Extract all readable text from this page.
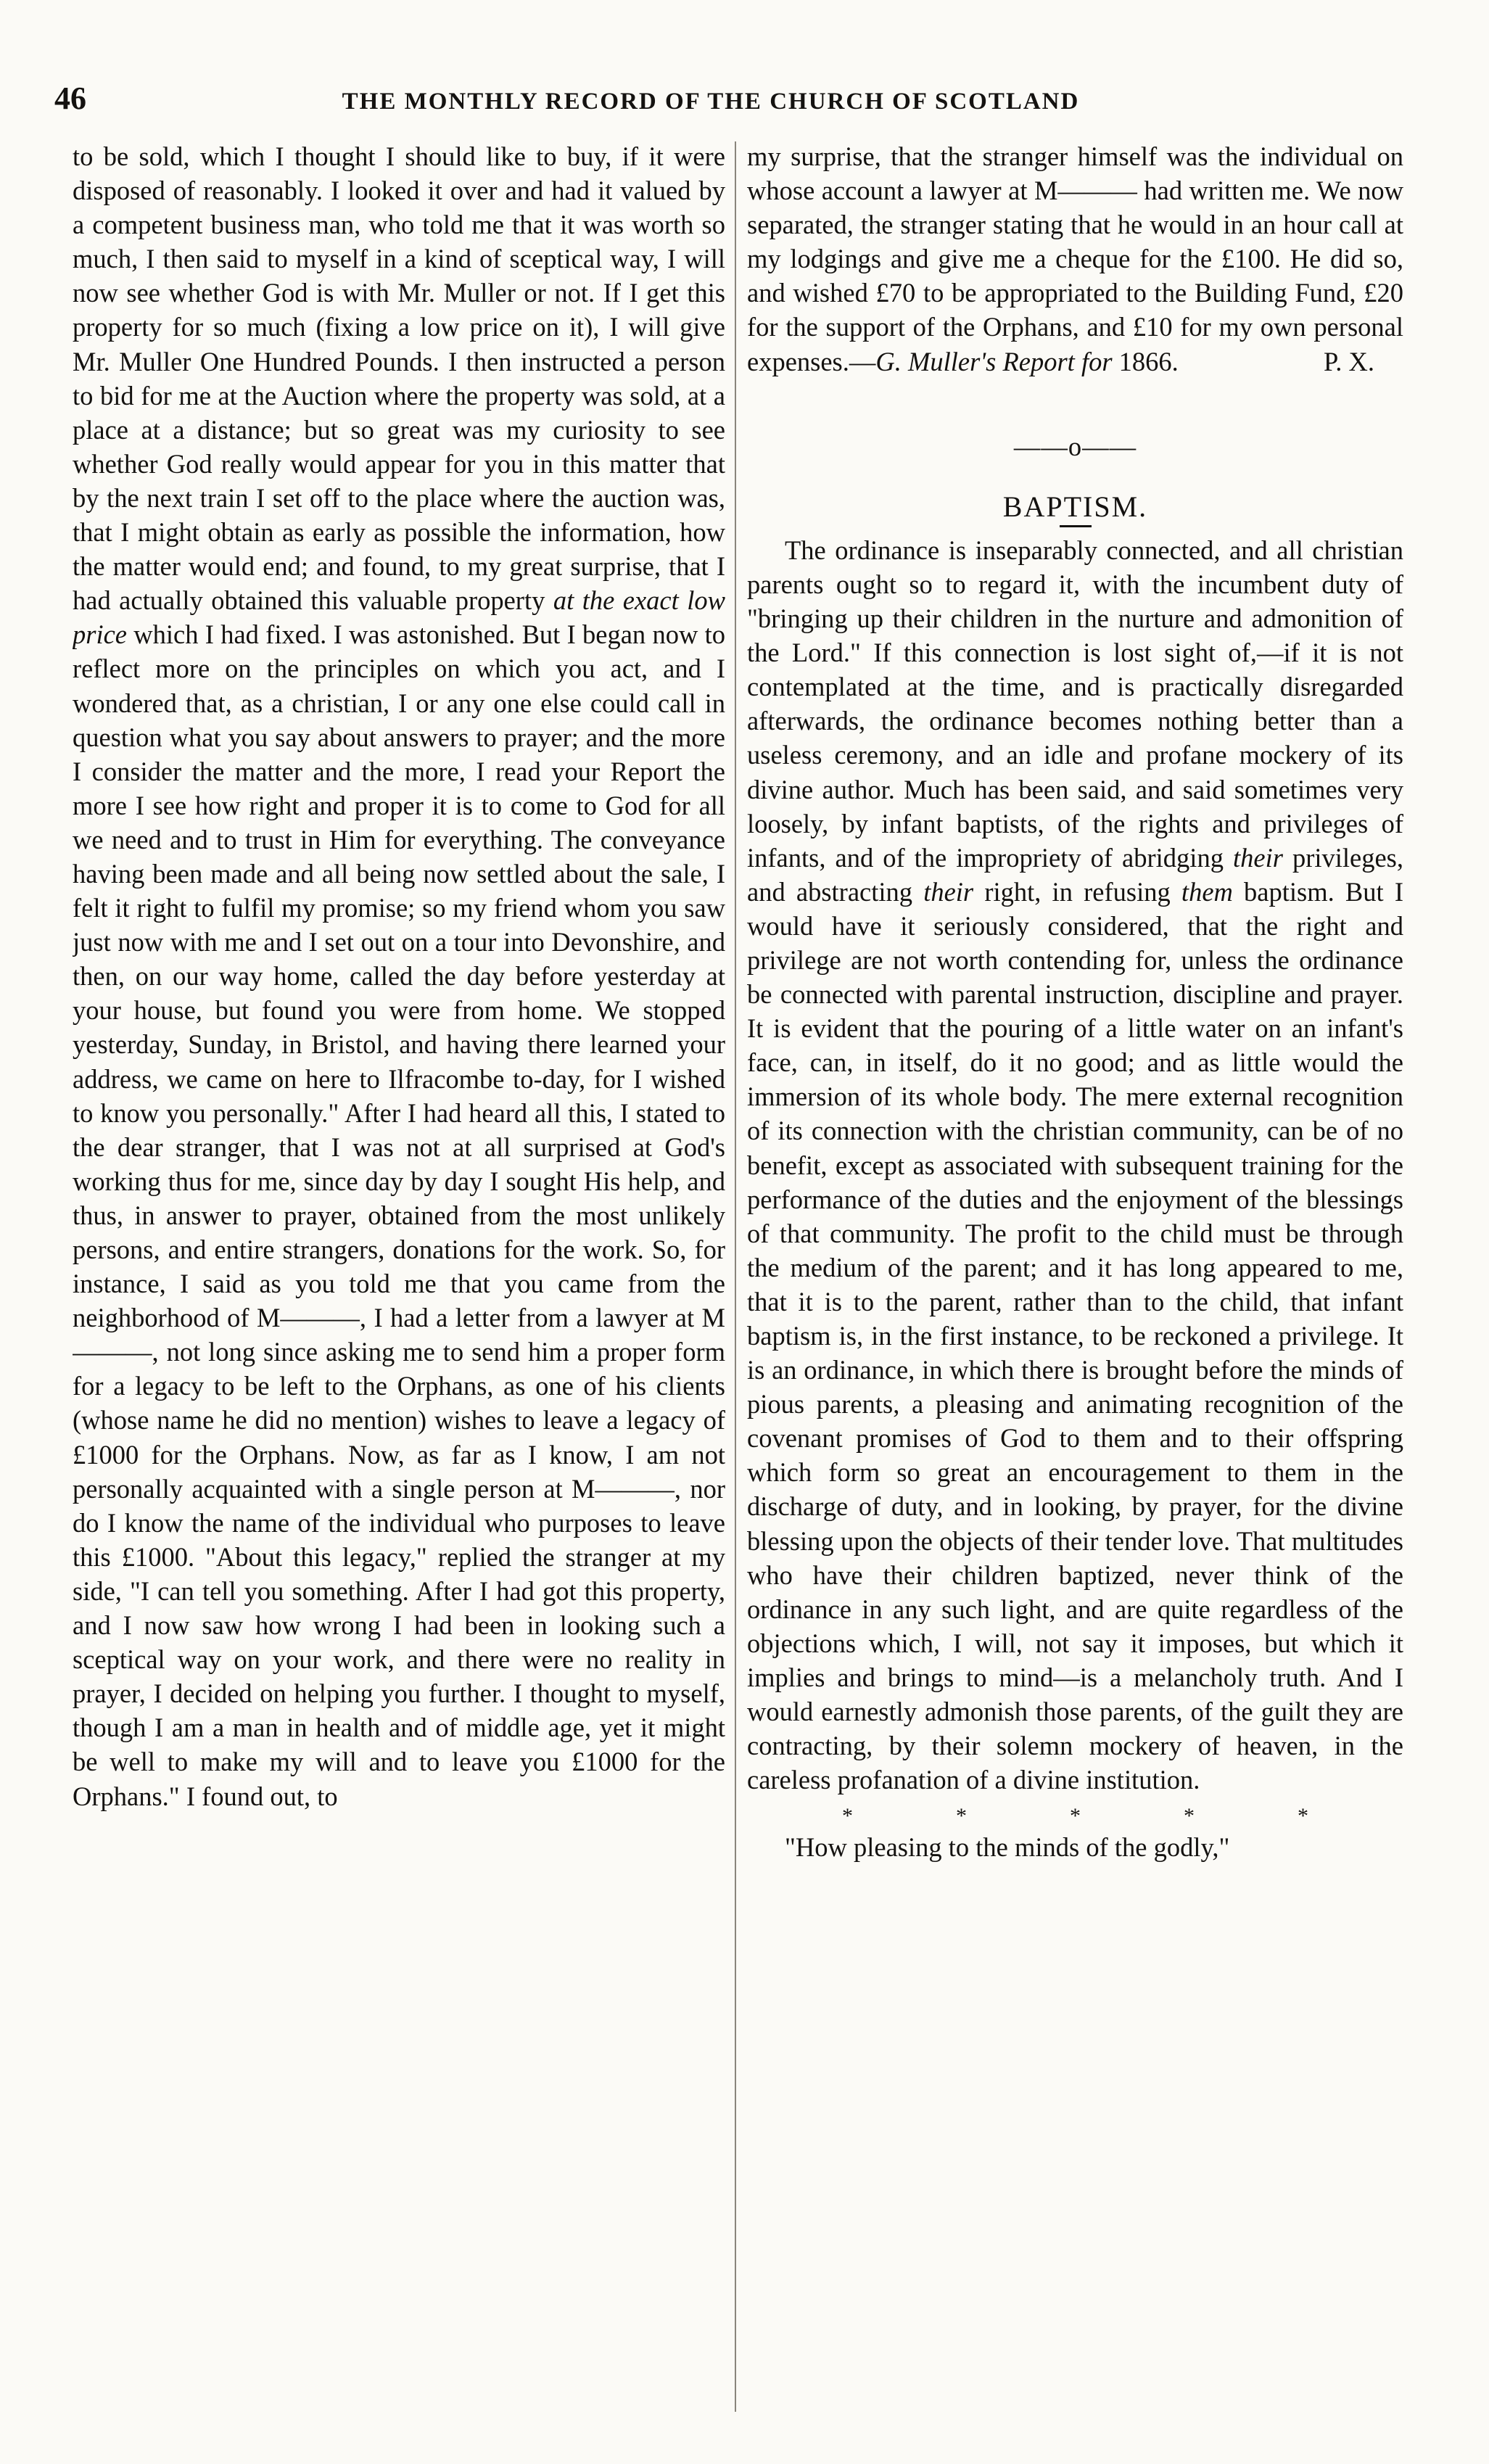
46	THE MONTHLY RECORD OF THE CHURCH OF SCOTLAND

to be sold, which I thought I should like to buy, if it were disposed of reasonably. I looked it over and had it valued by a competent business man, who told me that it was worth so much, I then said to myself in a kind of sceptical way, I will now see whether God is with Mr. Muller or not. If I get this property for so much (fixing a low price on it), I will give Mr. Muller One Hundred Pounds. I then instructed a person to bid for me at the Auction where the property was sold, at a place at a distance; but so great was my curiosity to see whether God really would appear for you in this matter that by the next train I set off to the place where the auction was, that I might obtain as early as possible the information, how the matter would end; and found, to my great surprise, that I had actually obtained this valuable property at the exact low price which I had fixed. I was astonished. But I began now to reflect more on the principles on which you act, and I wondered that, as a christian, I or any one else could call in question what you say about answers to prayer; and the more I consider the matter and the more, I read your Report the more I see how right and proper it is to come to God for all we need and to trust in Him for everything. The conveyance having been made and all being now settled about the sale, I felt it right to fulfil my promise; so my friend whom you saw just now with me and I set out on a tour into Devonshire, and then, on our way home, called the day before yesterday at your house, but found you were from home. We stopped yesterday, Sunday, in Bristol, and having there learned your address, we came on here to Ilfracombe to-day, for I wished to know you personally." After I had heard all this, I stated to the dear stranger, that I was not at all surprised at God's working thus for me, since day by day I sought His help, and thus, in answer to prayer, obtained from the most unlikely persons, and entire strangers, donations for the work. So, for instance, I said as you told me that you came from the neighborhood of M———, I had a letter from a lawyer at M———, not long since asking me to send him a proper form for a legacy to be left to the Orphans, as one of his clients (whose name he did no mention) wishes to leave a legacy of £1000 for the Orphans. Now, as far as I know, I am not personally acquainted with a single person at M———, nor do I know the name of the individual who purposes to leave this £1000. "About this legacy," replied the stranger at my side, "I can tell you something. After I had got this property, and I now saw how wrong I had been in looking such a sceptical way on your work, and there were no reality in prayer, I decided on helping you further. I thought to myself, though I am a man in health and of middle age, yet it might be well to make my will and to leave you £1000 for the Orphans." I found out, to

my surprise, that the stranger himself was the individual on whose account a lawyer at M——— had written me. We now separated, the stranger stating that he would in an hour call at my lodgings and give me a cheque for the £100. He did so, and wished £70 to be appropriated to the Building Fund, £20 for the support of the Orphans, and £10 for my own personal expenses.—G. Muller's Report for 1866.	P. X.

——o——
BAPTISM.

The ordinance is inseparably connected, and all christian parents ought so to regard it, with the incumbent duty of "bringing up their children in the nurture and admonition of the Lord." If this connection is lost sight of,—if it is not contemplated at the time, and is practically disregarded afterwards, the ordinance becomes nothing better than a useless ceremony, and an idle and profane mockery of its divine author. Much has been said, and said sometimes very loosely, by infant baptists, of the rights and privileges of infants, and of the impropriety of abridging their privileges, and abstracting their right, in refusing them baptism. But I would have it seriously considered, that the right and privilege are not worth contending for, unless the ordinance be connected with parental instruction, discipline and prayer. It is evident that the pouring of a little water on an infant's face, can, in itself, do it no good; and as little would the immersion of its whole body. The mere external recognition of its connection with the christian community, can be of no benefit, except as associated with subsequent training for the performance of the duties and the enjoyment of the blessings of that community. The profit to the child must be through the medium of the parent; and it has long appeared to me, that it is to the parent, rather than to the child, that infant baptism is, in the first instance, to be reckoned a privilege. It is an ordinance, in which there is brought before the minds of pious parents, a pleasing and animating recognition of the covenant promises of God to them and to their offspring which form so great an encouragement to them in the discharge of duty, and in looking, by prayer, for the divine blessing upon the objects of their tender love. That multitudes who have their children baptized, never think of the ordinance in any such light, and are quite regardless of the objections which, I will, not say it imposes, but which it implies and brings to mind—is a melancholy truth. And I would earnestly admonish those parents, of the guilt they are contracting, by their solemn mockery of heaven, in the careless profanation of a divine institution.

*	*	*	*	*

"How pleasing to the minds of the godly,"
